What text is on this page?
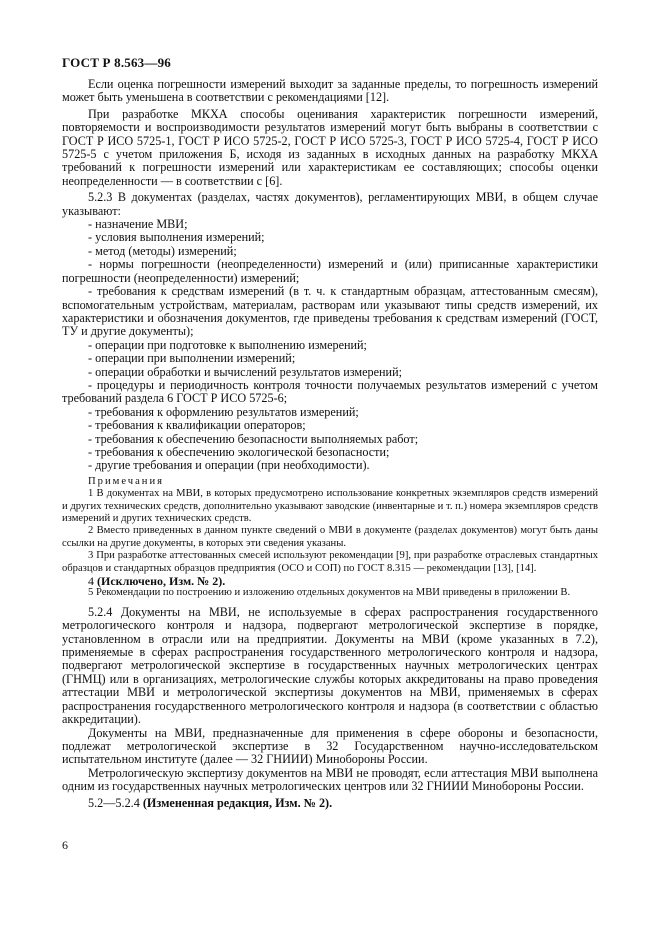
ГОСТ Р 8.563—96

Если оценка погрешности измерений выходит за заданные пределы, то погрешность измерений может быть уменьшена в соответствии с рекомендациями [12].

При разработке МКХА способы оценивания характеристик погрешности измерений, повторяемости и воспроизводимости результатов измерений могут быть выбраны в соответствии с ГОСТ Р ИСО 5725-1, ГОСТ Р ИСО 5725-2, ГОСТ Р ИСО 5725-3, ГОСТ Р ИСО 5725-4, ГОСТ Р ИСО 5725-5 с учетом приложения Б, исходя из заданных в исходных данных на разработку МКХА требований к погрешности измерений или характеристикам ее составляющих; способы оценки неопределенности — в соответствии с [6].

5.2.3 В документах (разделах, частях документов), регламентирующих МВИ, в общем случае указывают:

- назначение МВИ;
- условия выполнения измерений;
- метод (методы) измерений;
- нормы погрешности (неопределенности) измерений и (или) приписанные характеристики погрешности (неопределенности) измерений;
- требования к средствам измерений (в т. ч. к стандартным образцам, аттестованным смесям), вспомогательным устройствам, материалам, растворам или указывают типы средств измерений, их характеристики и обозначения документов, где приведены требования к средствам измерений (ГОСТ, ТУ и другие документы);
- операции при подготовке к выполнению измерений;
- операции при выполнении измерений;
- операции обработки и вычислений результатов измерений;
- процедуры и периодичность контроля точности получаемых результатов измерений с учетом требований раздела 6 ГОСТ Р ИСО 5725-6;
- требования к оформлению результатов измерений;
- требования к квалификации операторов;
- требования к обеспечению безопасности выполняемых работ;
- требования к обеспечению экологической безопасности;
- другие требования и операции (при необходимости).

Примечания

1 В документах на МВИ, в которых предусмотрено использование конкретных экземпляров средств измерений и других технических средств, дополнительно указывают заводские (инвентарные и т. п.) номера экземпляров средств измерений и других технических средств.

2 Вместо приведенных в данном пункте сведений о МВИ в документе (разделах документов) могут быть даны ссылки на другие документы, в которых эти сведения указаны.

3 При разработке аттестованных смесей используют рекомендации [9], при разработке отраслевых стандартных образцов и стандартных образцов предприятия (ОСО и СОП) по ГОСТ 8.315 — рекомендации [13], [14].

4 (Исключено, Изм. № 2).

5 Рекомендации по построению и изложению отдельных документов на МВИ приведены в приложении В.

5.2.4 Документы на МВИ, не используемые в сферах распространения государственного метрологического контроля и надзора, подвергают метрологической экспертизе в порядке, установленном в отрасли или на предприятии. Документы на МВИ (кроме указанных в 7.2), применяемые в сферах распространения государственного метрологического контроля и надзора, подвергают метрологической экспертизе в государственных научных метрологических центрах (ГНМЦ) или в организациях, метрологические службы которых аккредитованы на право проведения аттестации МВИ и метрологической экспертизы документов на МВИ, применяемых в сферах распространения государственного метрологического контроля и надзора (в соответствии с областью аккредитации).

Документы на МВИ, предназначенные для применения в сфере обороны и безопасности, подлежат метрологической экспертизе в 32 Государственном научно-исследовательском испытательном институте (далее — 32 ГНИИИ) Минобороны России.

Метрологическую экспертизу документов на МВИ не проводят, если аттестация МВИ выполнена одним из государственных научных метрологических центров или 32 ГНИИИ Минобороны России.

5.2—5.2.4 (Измененная редакция, Изм. № 2).

6
